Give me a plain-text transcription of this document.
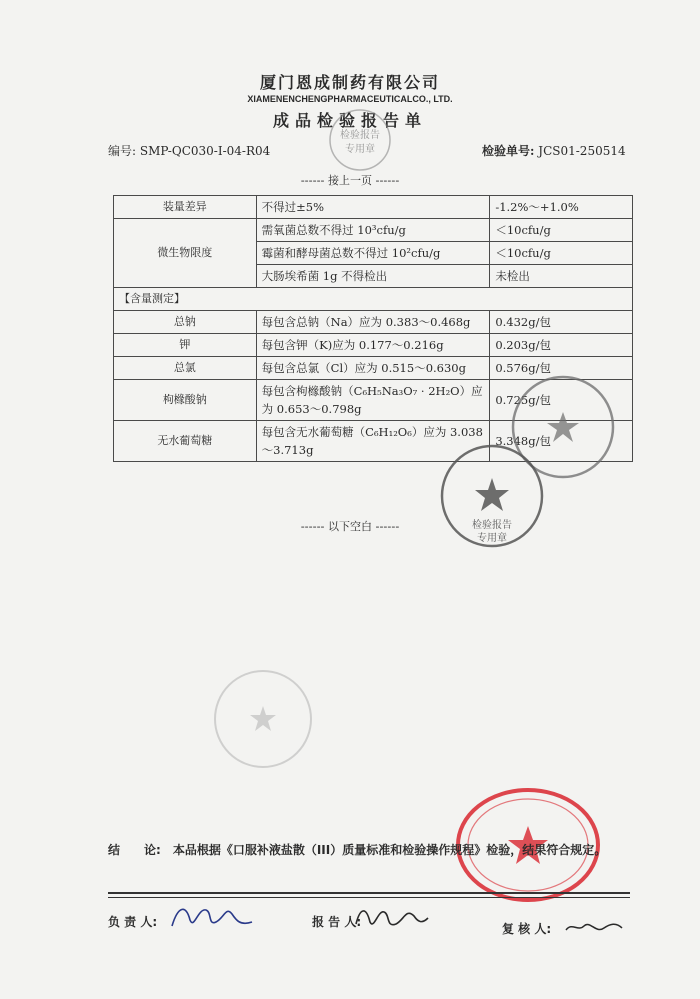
厦门恩成制药有限公司
XIAMENENCHENGPHARMACEUTICALCO., LTD.
成品检验报告单
编号: SMP-QC030-I-04-R04	检验单号: JCS01-250514
------ 接上一页 ------
装量差异	不得过±5%	-1.2%～+1.0%
微生物限度	需氧菌总数不得过 10³cfu/g	＜10cfu/g
	霉菌和酵母菌总数不得过 10²cfu/g	＜10cfu/g
	大肠埃希菌 1g 不得检出	未检出
【含量测定】		
总钠	每包含总钠（Na）应为 0.383～0.468g	0.432g/包
钾	每包含钾（K)应为 0.177～0.216g	0.203g/包
总氯	每包含总氯（Cl）应为 0.515～0.630g	0.576g/包
枸橼酸钠	每包含枸橼酸钠（C₆H₅Na₃O₇ · 2H₂O）应为 0.653～0.798g	0.725g/包
无水葡萄糖	每包含无水葡萄糖（C₆H₁₂O₆）应为 3.038～3.713g	3.348g/包
------ 以下空白 ------
检验报告
专用章
检验报告
专用章
结　　论: 本品根据《口服补液盐散（III）质量标准和检验操作规程》检验，结果符合规定。
负 责 人:	报 告 人:	复 核 人:
